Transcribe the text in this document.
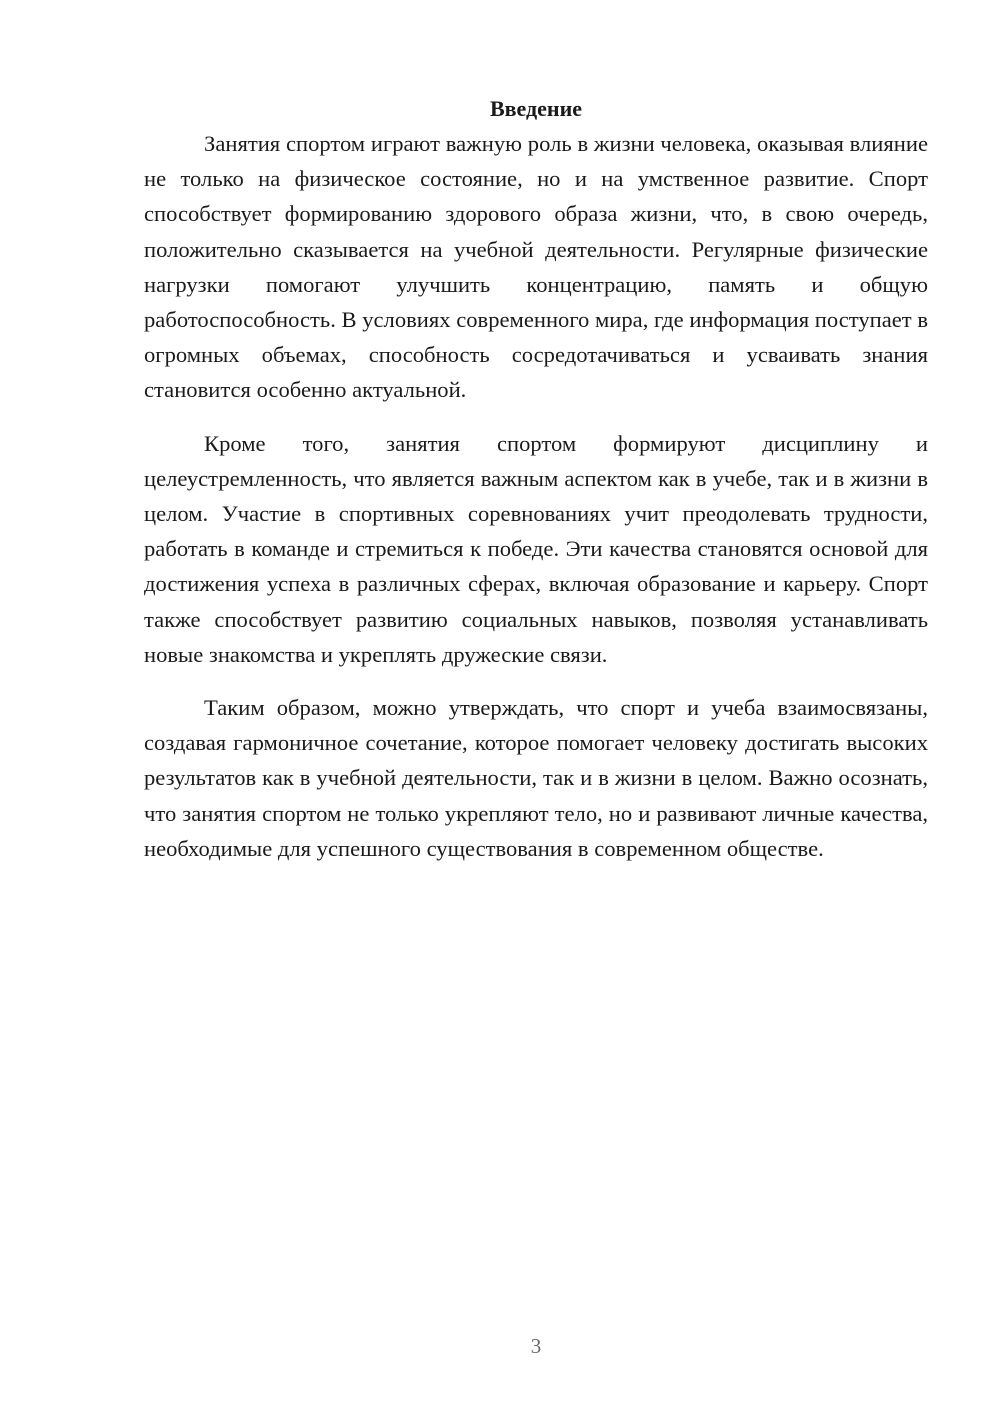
Введение

Занятия спортом играют важную роль в жизни человека, оказывая влияние не только на физическое состояние, но и на умственное развитие. Спорт способствует формированию здорового образа жизни, что, в свою очередь, положительно сказывается на учебной деятельности. Регулярные физические нагрузки помогают улучшить концентрацию, память и общую работоспособность. В условиях современного мира, где информация поступает в огромных объемах, способность сосредотачиваться и усваивать знания становится особенно актуальной.

Кроме того, занятия спортом формируют дисциплину и целеустремленность, что является важным аспектом как в учебе, так и в жизни в целом. Участие в спортивных соревнованиях учит преодолевать трудности, работать в команде и стремиться к победе. Эти качества становятся основой для достижения успеха в различных сферах, включая образование и карьеру. Спорт также способствует развитию социальных навыков, позволяя устанавливать новые знакомства и укреплять дружеские связи.

Таким образом, можно утверждать, что спорт и учеба взаимосвязаны, создавая гармоничное сочетание, которое помогает человеку достигать высоких результатов как в учебной деятельности, так и в жизни в целом. Важно осознать, что занятия спортом не только укрепляют тело, но и развивают личные качества, необходимые для успешного существования в современном обществе.

3
